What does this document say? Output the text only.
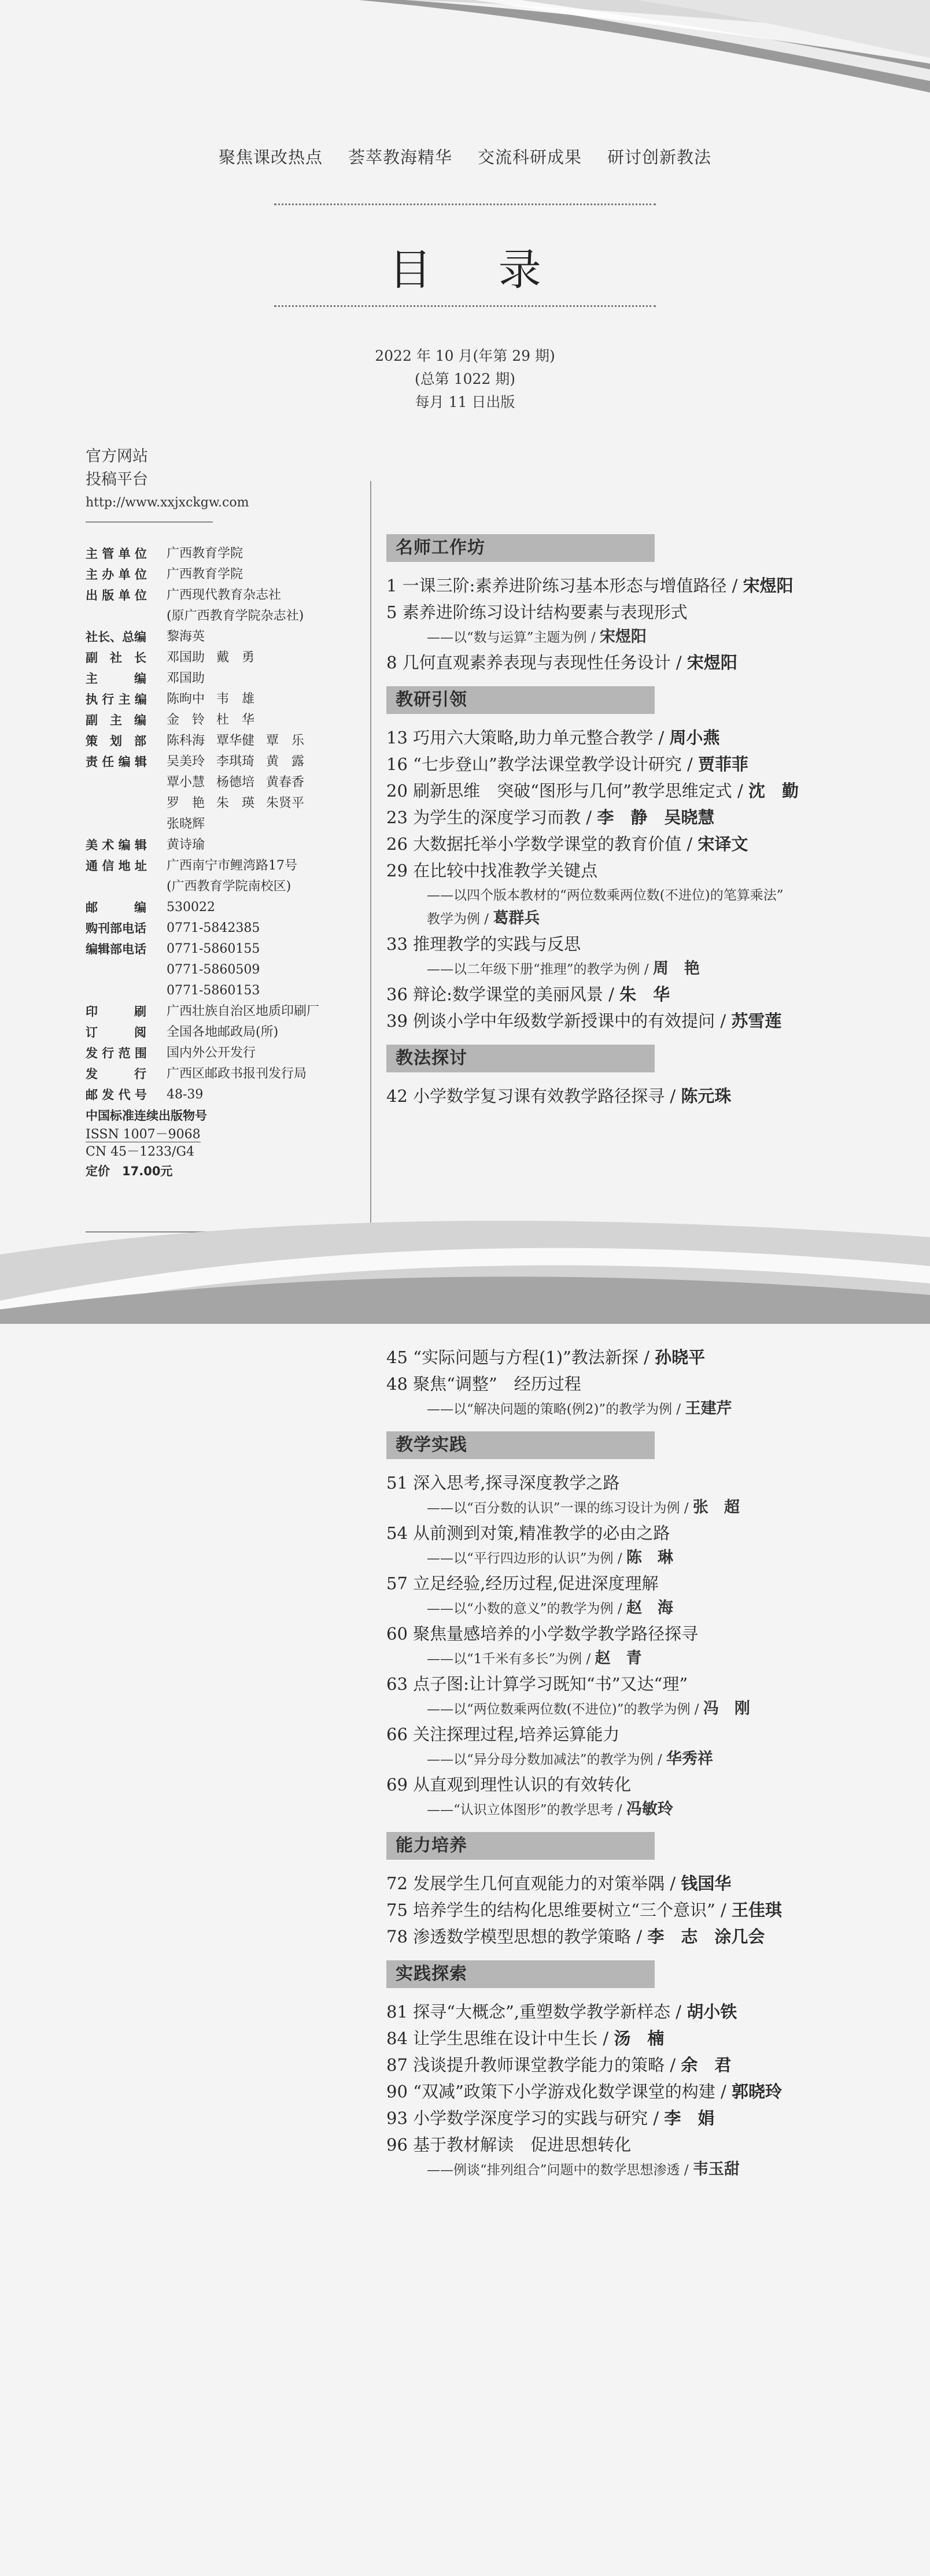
聚焦课改热点 荟萃教海精华 交流科研成果 研讨创新教法
目 录
2022 年 10 月(年第 29 期)
(总第 1022 期)
每月 11 日出版
官方网站
投稿平台
http://www.xxjxckgw.com
主 管 单 位	广西教育学院
主 办 单 位	广西教育学院
出 版 单 位	广西现代教育杂志社
(原广西教育学院杂志社)
社长、总编	黎海英
副　社　长	邓国助 戴　勇
主　　　编	邓国助
执 行 主 编	陈昫中 韦　雄
副　主　编	金　铃 杜　华
策　划　部	陈科海 覃华健 覃　乐
责 任 编 辑	吴美玲 李琪琦 黄　露
覃小慧 杨德培 黄春香
罗　艳 朱　瑛 朱贤平
张晓辉
美 术 编 辑	黄诗瑜
通 信 地 址	广西南宁市鲤湾路17号
(广西教育学院南校区)
邮　　　编	530022
购刊部电话	0771-5842385
编辑部电话	0771-5860155
0771-5860509
0771-5860153
印　　　刷	广西壮族自治区地质印刷厂
订　　　阅	全国各地邮政局(所)
发 行 范 围	国内外公开发行
发　　　行	广西区邮政书报刊发行局
邮 发 代 号	48-39
中国标准连续出版物号
ISSN 1007－9068
CN 45－1233/G4
定价　17.00元
名师工作坊
1 一课三阶:素养进阶练习基本形态与增值路径 / 宋煜阳
5 素养进阶练习设计结构要素与表现形式
——以“数与运算”主题为例 / 宋煜阳
8 几何直观素养表现与表现性任务设计 / 宋煜阳
教研引领
13 巧用六大策略,助力单元整合教学 / 周小燕
16 “七步登山”教学法课堂教学设计研究 / 贾菲菲
20 刷新思维　突破“图形与几何”教学思维定式 / 沈　勤
23 为学生的深度学习而教 / 李　静　吴晓慧
26 大数据托举小学数学课堂的教育价值 / 宋译文
29 在比较中找准教学关键点
——以四个版本教材的“两位数乘两位数(不进位)的笔算乘法”
教学为例 / 葛群兵
33 推理教学的实践与反思
——以二年级下册“推理”的教学为例 / 周　艳
36 辩论:数学课堂的美丽风景 / 朱　华
39 例谈小学中年级数学新授课中的有效提问 / 苏雪莲
教法探讨
42 小学数学复习课有效教学路径探寻 / 陈元珠
45 “实际问题与方程(1)”教法新探 / 孙晓平
48 聚焦“调整”　经历过程
——以“解决问题的策略(例2)”的教学为例 / 王建芹
教学实践
51 深入思考,探寻深度教学之路
——以“百分数的认识”一课的练习设计为例 / 张　超
54 从前测到对策,精准教学的必由之路
——以“平行四边形的认识”为例 / 陈　琳
57 立足经验,经历过程,促进深度理解
——以“小数的意义”的教学为例 / 赵　海
60 聚焦量感培养的小学数学教学路径探寻
——以“1千米有多长”为例 / 赵　青
63 点子图:让计算学习既知“书”又达“理”
——以“两位数乘两位数(不进位)”的教学为例 / 冯　刚
66 关注探理过程,培养运算能力
——以“异分母分数加减法”的教学为例 / 华秀祥
69 从直观到理性认识的有效转化
——“认识立体图形”的教学思考 / 冯敏玲
能力培养
72 发展学生几何直观能力的对策举隅 / 钱国华
75 培养学生的结构化思维要树立“三个意识” / 王佳琪
78 渗透数学模型思想的教学策略 / 李　志　涂几会
实践探索
81 探寻“大概念”,重塑数学教学新样态 / 胡小铁
84 让学生思维在设计中生长 / 汤　楠
87 浅谈提升教师课堂教学能力的策略 / 余　君
90 “双减”政策下小学游戏化数学课堂的构建 / 郭晓玲
93 小学数学深度学习的实践与研究 / 李　娟
96 基于教材解读　促进思想转化
——例谈“排列组合”问题中的数学思想渗透 / 韦玉甜
